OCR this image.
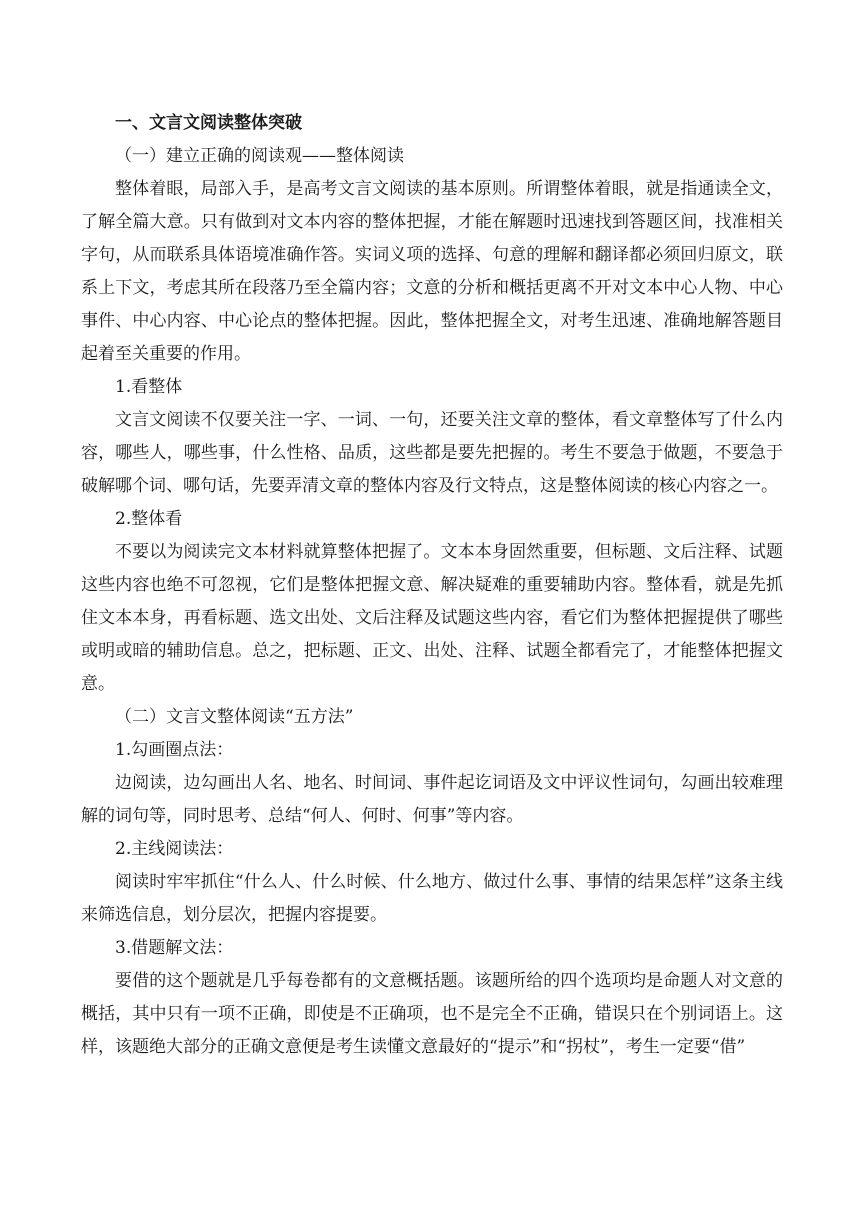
一、文言文阅读整体突破

（一）建立正确的阅读观——整体阅读

整体着眼，局部入手，是高考文言文阅读的基本原则。所谓整体着眼，就是指通读全文，了解全篇大意。只有做到对文本内容的整体把握，才能在解题时迅速找到答题区间，找准相关字句，从而联系具体语境准确作答。实词义项的选择、句意的理解和翻译都必须回归原文，联系上下文，考虑其所在段落乃至全篇内容；文意的分析和概括更离不开对文本中心人物、中心事件、中心内容、中心论点的整体把握。因此，整体把握全文，对考生迅速、准确地解答题目起着至关重要的作用。

1.看整体

文言文阅读不仅要关注一字、一词、一句，还要关注文章的整体，看文章整体写了什么内容，哪些人，哪些事，什么性格、品质，这些都是要先把握的。考生不要急于做题，不要急于破解哪个词、哪句话，先要弄清文章的整体内容及行文特点，这是整体阅读的核心内容之一。

2.整体看

不要以为阅读完文本材料就算整体把握了。文本本身固然重要，但标题、文后注释、试题这些内容也绝不可忽视，它们是整体把握文意、解决疑难的重要辅助内容。整体看，就是先抓住文本本身，再看标题、选文出处、文后注释及试题这些内容，看它们为整体把握提供了哪些或明或暗的辅助信息。总之，把标题、正文、出处、注释、试题全都看完了，才能整体把握文意。

（二）文言文整体阅读“五方法”

1.勾画圈点法：

边阅读，边勾画出人名、地名、时间词、事件起讫词语及文中评议性词句，勾画出较难理解的词句等，同时思考、总结“何人、何时、何事”等内容。

2.主线阅读法：

阅读时牢牢抓住“什么人、什么时候、什么地方、做过什么事、事情的结果怎样”这条主线来筛选信息，划分层次，把握内容提要。

3.借题解文法：

要借的这个题就是几乎每卷都有的文意概括题。该题所给的四个选项均是命题人对文意的概括，其中只有一项不正确，即使是不正确项，也不是完全不正确，错误只在个别词语上。这样，该题绝大部分的正确文意便是考生读懂文意最好的“提示”和“拐杖”，考生一定要“借”
